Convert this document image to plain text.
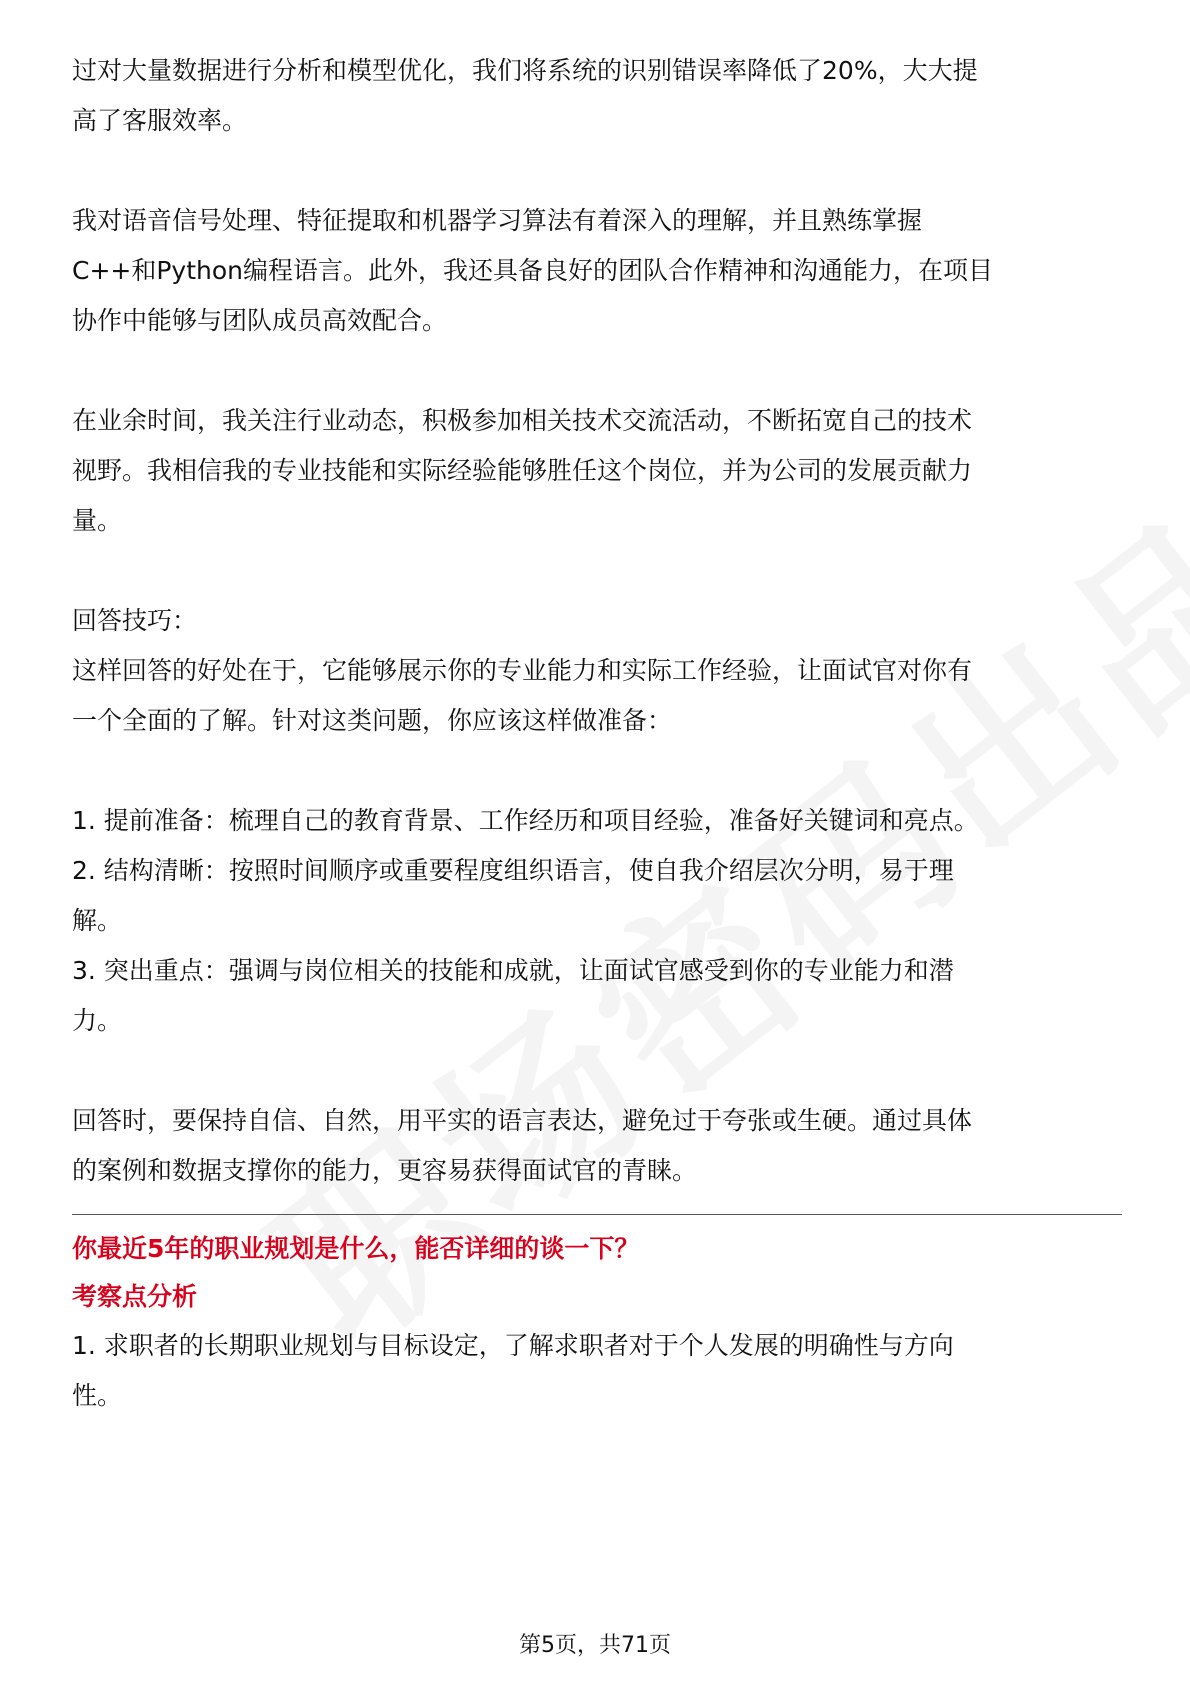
过对大量数据进行分析和模型优化，我们将系统的识别错误率降低了20%，大大提

高了客服效率。

我对语音信号处理、特征提取和机器学习算法有着深入的理解，并且熟练掌握

C++和Python编程语言。此外，我还具备良好的团队合作精神和沟通能力，在项目

协作中能够与团队成员高效配合。

在业余时间，我关注行业动态，积极参加相关技术交流活动，不断拓宽自己的技术

视野。我相信我的专业技能和实际经验能够胜任这个岗位，并为公司的发展贡献力

量。

回答技巧：

这样回答的好处在于，它能够展示你的专业能力和实际工作经验，让面试官对你有

一个全面的了解。针对这类问题，你应该这样做准备：

1. 提前准备：梳理自己的教育背景、工作经历和项目经验，准备好关键词和亮点。

2. 结构清晰：按照时间顺序或重要程度组织语言，使自我介绍层次分明，易于理

解。

3. 突出重点：强调与岗位相关的技能和成就，让面试官感受到你的专业能力和潜

力。

回答时，要保持自信、自然，用平实的语言表达，避免过于夸张或生硬。通过具体

的案例和数据支撑你的能力，更容易获得面试官的青睐。

你最近5年的职业规划是什么，能否详细的谈一下？

考察点分析

1. 求职者的长期职业规划与目标设定，了解求职者对于个人发展的明确性与方向

性。

第5页，共71页
